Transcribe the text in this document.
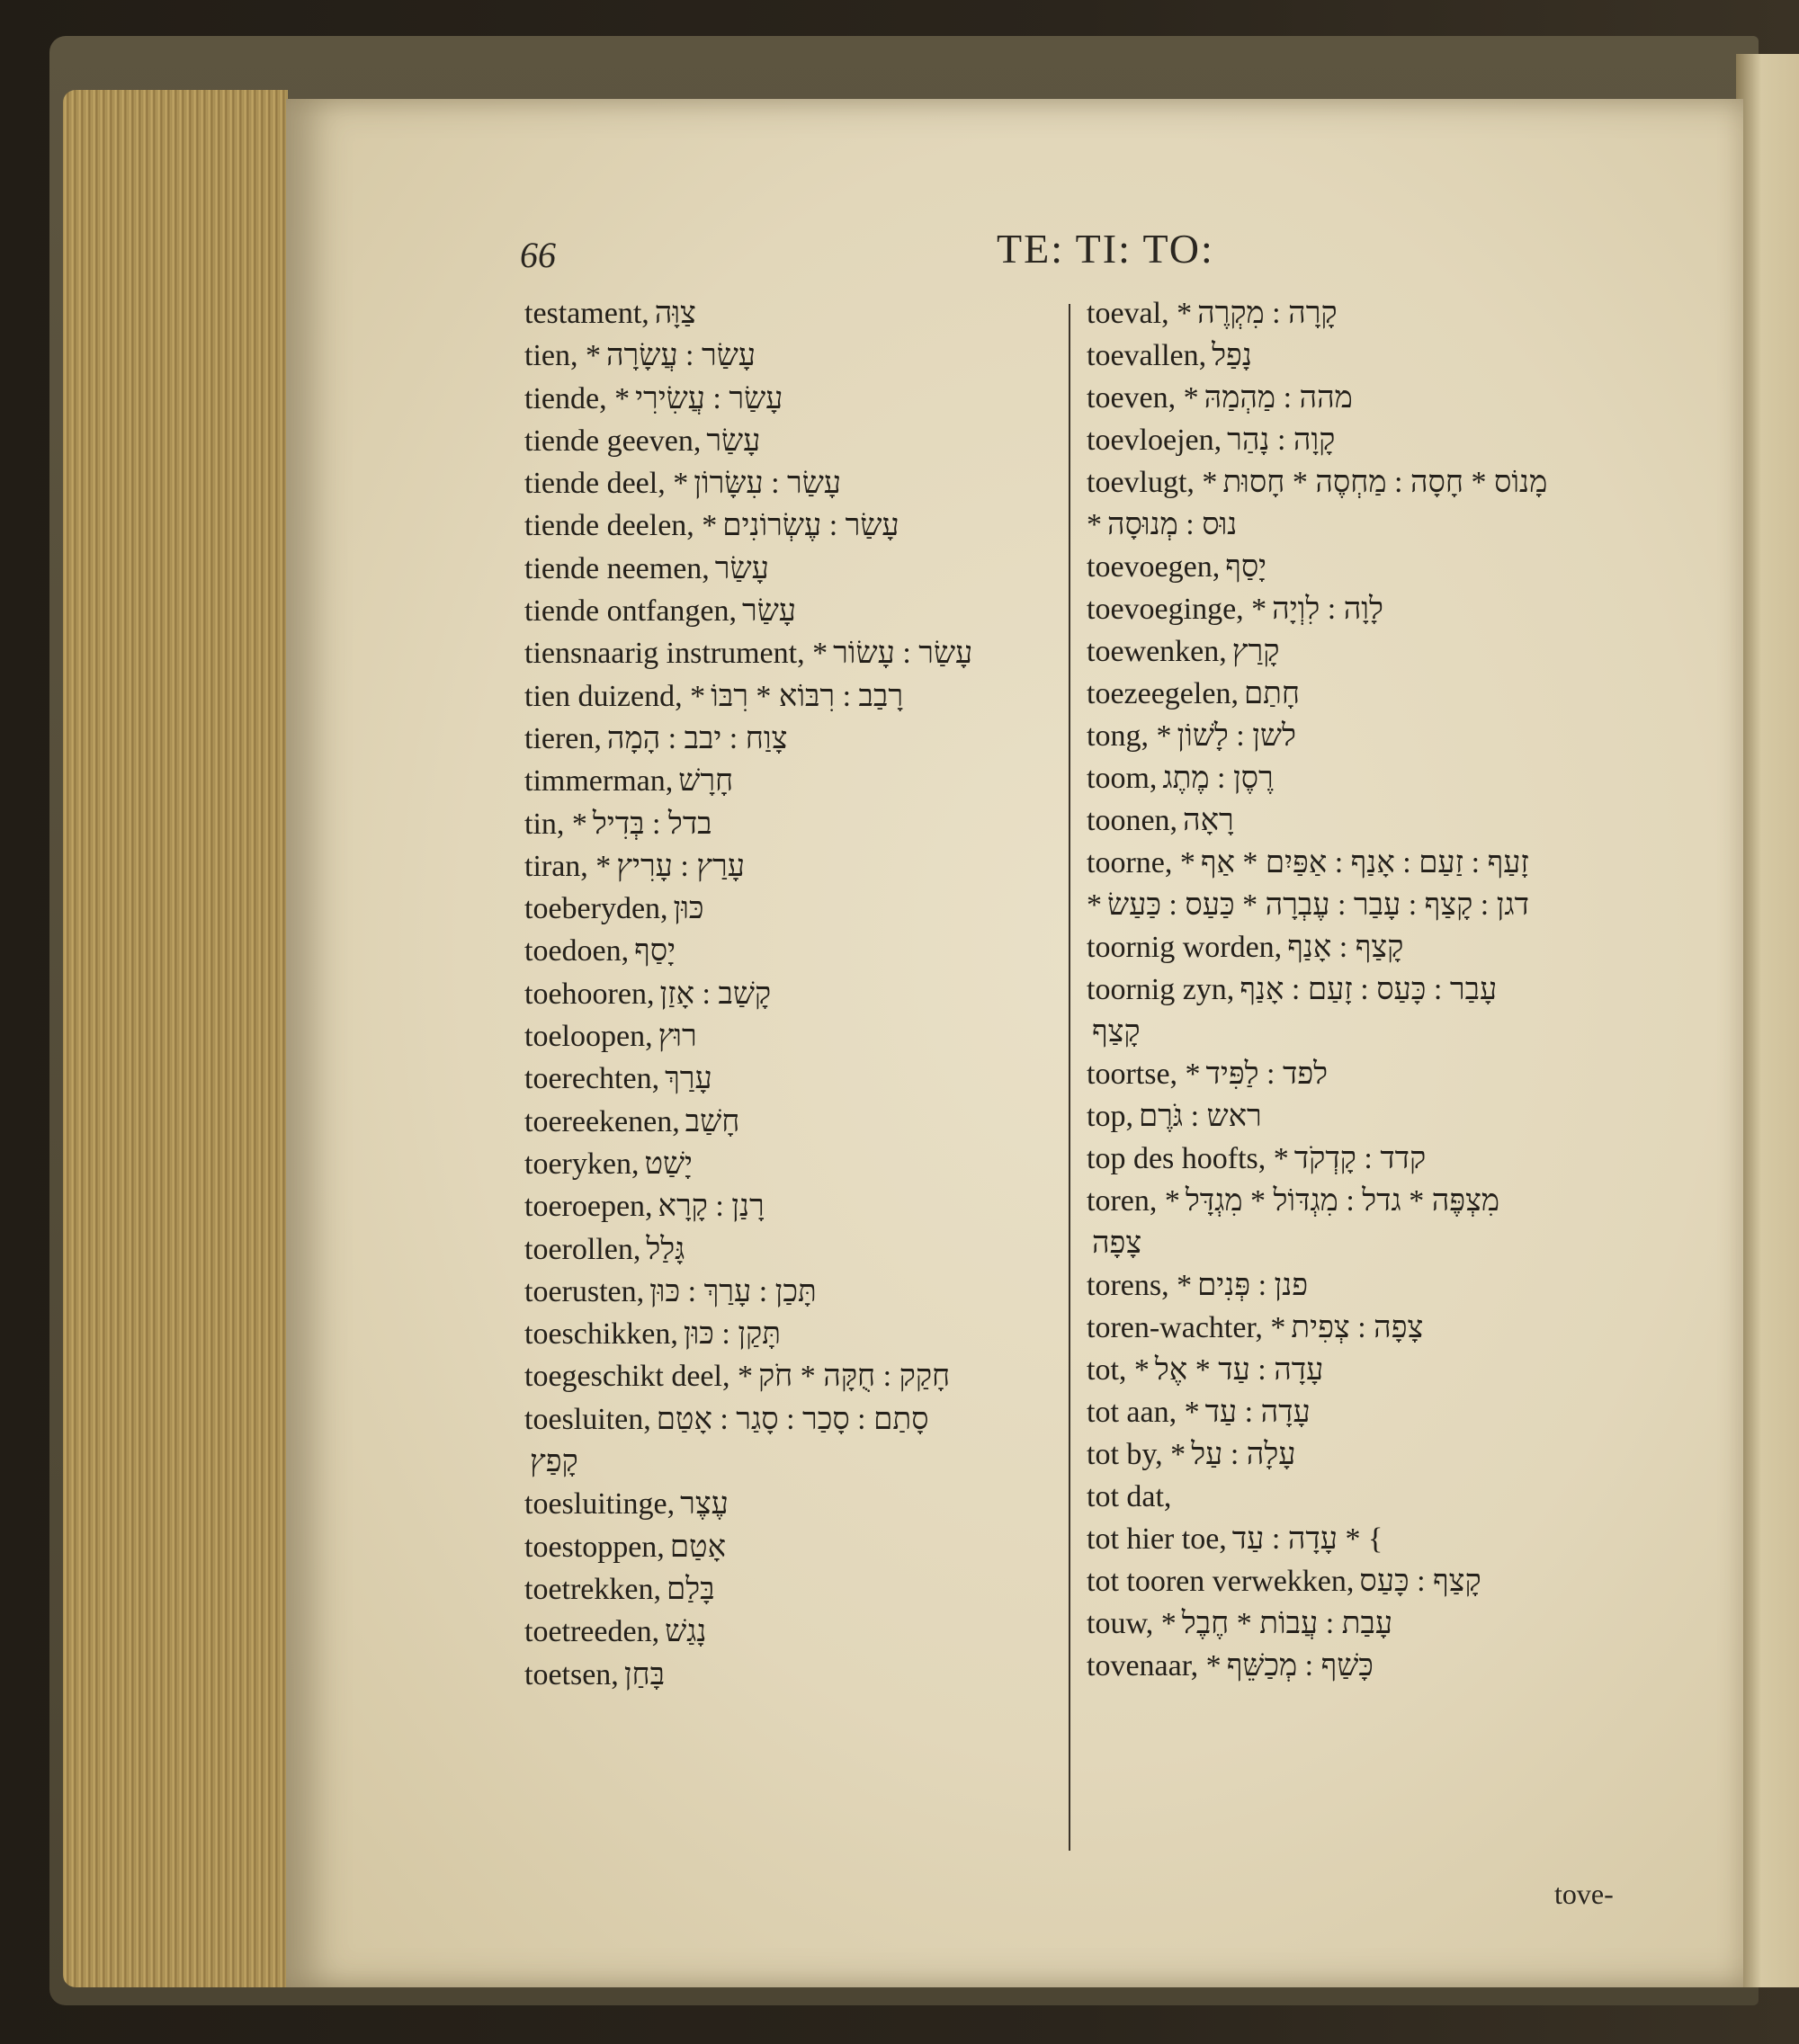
66	TE: TI: TO:
testament, צַוָּה
tien, * עָשַׂר : עֲשָׂרָה
tiende, * עָשַׂר : עֲשִׂירִי
tiende geeven, עָשַׂר
tiende deel, * עָשַׂר : עִשָּׂרוֹן
tiende deelen, * עָשַׂר : עֶשְׂרוֹנִים
tiende neemen, עָשַׂר
tiende ontfangen, עָשַׂר
tiensnaarig instrument, * עָשַׂר : עָשׂוֹר
tien duizend, * רָבַב : רִבּוֹא * רִבּוֹ
tieren, צָוַח : יבב : הָמָה
timmerman, חָרָשׁ
tin, * בדל : בְּדִיל
tiran, * עָרַץ : עָרִיץ
toeberyden, כּוּן
toedoen, יָסַף
toehooren, קָשַׁב : אָזַן
toeloopen, רוּץ
toerechten, עָרַךְ
toereekenen, חָשַׁב
toeryken, יָשַׁט
toeroepen, רָנַן : קָרָא
toerollen, גָּלַל
toerusten, תָּכַן : עָרַךְ : כּוּן
toeschikken, תָּקַן : כּוּן
toegeschikt deel, * חָקַק : חֻקָּה * חֹק
toesluiten, סָתַם : סָכַר : סָגַר : אָטַם
קָפַץ
toesluitinge, עֶצֶר
toestoppen, אָטַם
toetrekken, בָּלַם
toetreeden, נָגַשׁ
toetsen, בָּחַן
toeval, * קָרָה : מִקְרֶה
toevallen, נָפַל
toeven, * מהה : מַהְמַהּ
toevloejen, קָוָה : נָהַר
toevlugt, * מָנוֹס * חָסָה : מַחְסֶה * חָסוּת
* נוּס : מְנוּסָה
toevoegen, יָסַף
toevoeginge, * לָוָה : לִוְיָה
toewenken, קָרַץ
toezeegelen, חָתַם
tong, * לשן : לָשׁוֹן
toom, רֶסֶן : מֶתֶג
toonen, רָאָה
toorne, * זָעַף : זַעַם : אָנַף : אַפַּיִם * אַף
* דגן : קָצַף : עָבַר : עֶבְרָה * כַּעַס : כַּעַשׂ
toornig worden, קָצַף : אָנַף
toornig zyn, עָבַר : כָּעַס : זָעַם : אָנַף
קָצַף
toortse, * לפד : לַפִּיד
top, ראש : גֹּרֶם
top des hoofts, * קדד : קָדְקֹד
toren, * מִצְפֶּה * גדל : מִגְדּוֹל * מִגְדָּל
צָפָה
torens, * פנן : פְּנִים
toren-wachter, * צָפָה : צְפִית
tot, * עָדָה : עַד * אֶל
tot aan, * עָדָה : עַד
tot by, * עָלָה : עַל
tot dat,
tot hier toe, } * עָדָה : עַד
tot tooren verwekken, קָצַף : כָּעַס
touw, * עָבַת : עֲבוֹת * חֶבֶל
tovenaar, * כָּשַׁף : מְכַשֵּׁף
tove-
